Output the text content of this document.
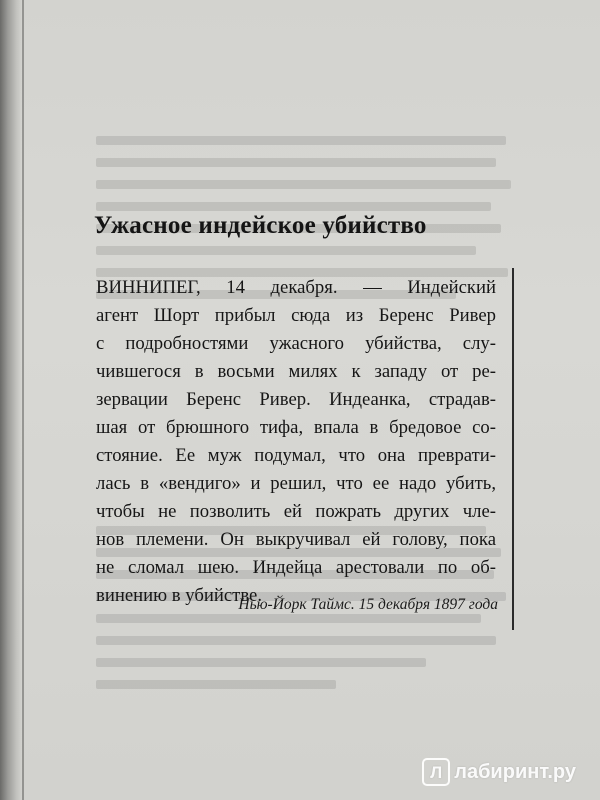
Ужасное индейское убийство
ВИННИПЕГ, 14 декабря. — Индейский
агент Шорт прибыл сюда из Беренс Ривер
с подробностями ужасного убийства, слу-
чившегося в восьми милях к западу от ре-
зервации Беренс Ривер. Индеанка, страдав-
шая от брюшного тифа, впала в бредовое со-
стояние. Ее муж подумал, что она преврати-
лась в «вендиго» и решил, что ее надо убить,
чтобы не позволить ей пожрать других чле-
нов племени. Он выкручивал ей голову, пока
не сломал шею. Индейца арестовали по об-
винению в убийстве.
Нью-Йорк Таймс. 15 декабря 1897 года
Л лабиринт.ру
